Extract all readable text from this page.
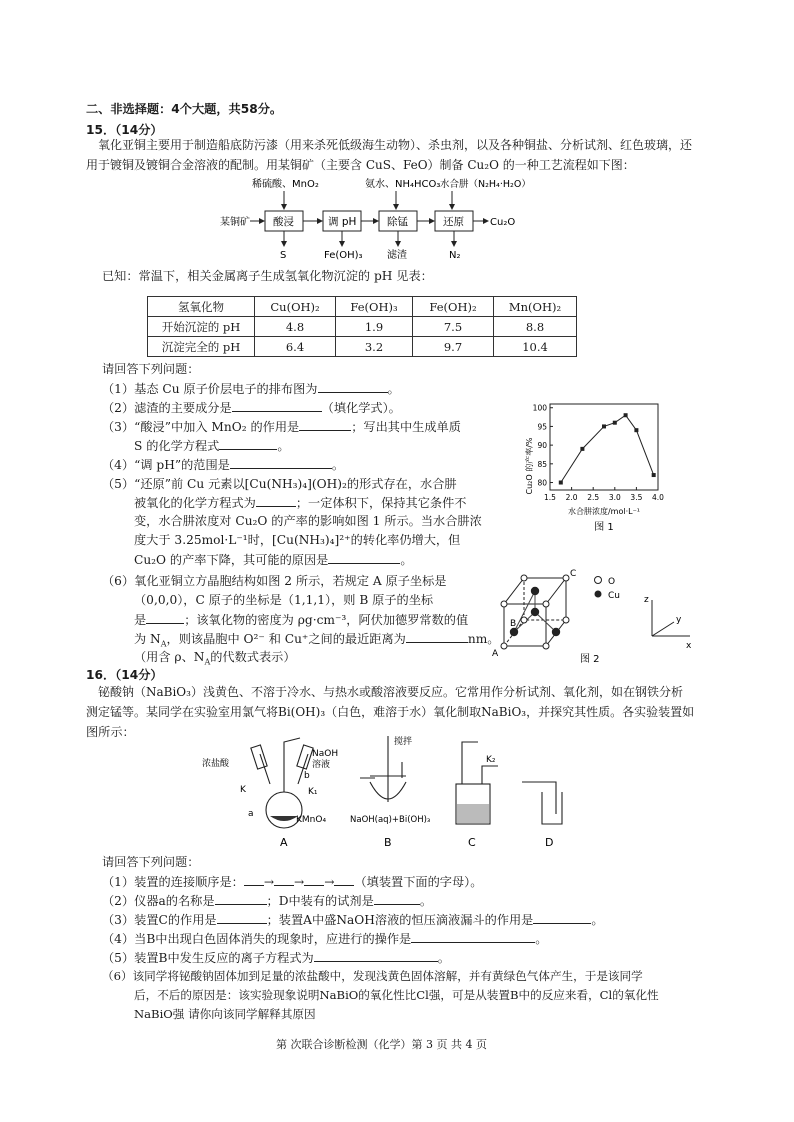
二、非选择题：4个大题，共58分。
15．（14分）
氧化亚铜主要用于制造船底防污漆（用来杀死低级海生动物）、杀虫剂，以及各种铜盐、分析试剂、红色玻璃，还
用于镀铜及镀铜合金溶液的配制。用某铜矿（主要含 CuS、FeO）制备 Cu₂O 的一种工艺流程如下图：
稀硫酸、MnO₂	氨水、NH₄HCO₃ 水合肼（N₂H₄·H₂O）
某铜矿 酸浸	调 pH	除锰	还原	Cu₂O
S	Fe(OH)₃ 滤渣	N₂
已知：常温下，相关金属离子生成氢氧化物沉淀的 pH 见表：
氢氧化物	Cu(OH)₂	Fe(OH)₃	Fe(OH)₂	Mn(OH)₂
开始沉淀的 pH	4.8	1.9	7.5	8.8
沉淀完全的 pH	6.4	3.2	9.7	10.4
请回答下列问题：
（1）基态 Cu 原子价层电子的排布图为	。
（2）滤渣的主要成分是	（填化学式）。
（3）“酸浸”中加入 MnO₂ 的作用是	；写出其中生成单质
S 的化学方程式	。
（4）“调 pH”的范围是	。
（5）“还原”前 Cu 元素以[Cu(NH₃)₄](OH)₂的形式存在，水合肼
被氧化的化学方程式为	；一定体积下，保持其它条件不
变，水合肼浓度对 Cu₂O 的产率的影响如图 1 所示。当水合肼浓
度大于 3.25mol·L⁻¹时，[Cu(NH₃)₄]²⁺的转化率仍增大，但
Cu₂O 的产率下降，其可能的原因是	。
（6）氧化亚铜立方晶胞结构如图 2 所示，若规定 A 原子坐标是
（0,0,0），C 原子的坐标是（1,1,1），则 B 原子的坐标
是	；该氧化物的密度为 ρg·cm⁻³，阿伏加德罗常数的值
为 $N_A$，则该晶胞中 O²⁻ 和 Cu⁺之间的最近距离为	nm。
（用含 ρ、$N_A$的代数式表示）
Cu₂O 的产率/%
1.5 2.0 2.5 3.0 3.5 4.0
80
85
90
95
100
水合肼浓度/mol·L⁻¹
图 1
A
B
C
O
Cu	z
y
x
图 2
16．（14分）
铋酸钠（NaBiO₃）浅黄色、不溶于冷水、与热水或酸溶液要反应。它常用作分析试剂、氧化剂，如在钢铁分析
测定锰等。某同学在实验室用氯气将Bi(OH)₃（白色，难溶于水）氧化制取NaBiO₃，并探究其性质。各实验装置如
图所示：
浓盐酸
NaOH
溶液
b
K	K₁
a
KMnO₄
A
搅拌
NaOH(aq)+Bi(OH)₃
B
K₂
C	D
请回答下列问题：
（1）装置的连接顺序是： → → → （填装置下面的字母）。
（2）仪器a的名称是	；D中装有的试剂是	。
（3）装置C的作用是	；装置A中盛NaOH溶液的恒压滴液漏斗的作用是	。
（4）当B中出现白色固体消失的现象时，应进行的操作是	。
（5）装置B中发生反应的离子方程式为	。
（6）该同学将铋酸钠固体加到足量的浓盐酸中，发现浅黄色固体溶解，并有黄绿色气体产生，于是该同学
后，不后的原因是：该实验现象说明NaBiO的氧化性比Cl强，可是从装置B中的反应来看，Cl的氧化性
NaBiO强 请你向该同学解释其原因
第 次联合诊断检测（化学）第 3 页 共 4 页
